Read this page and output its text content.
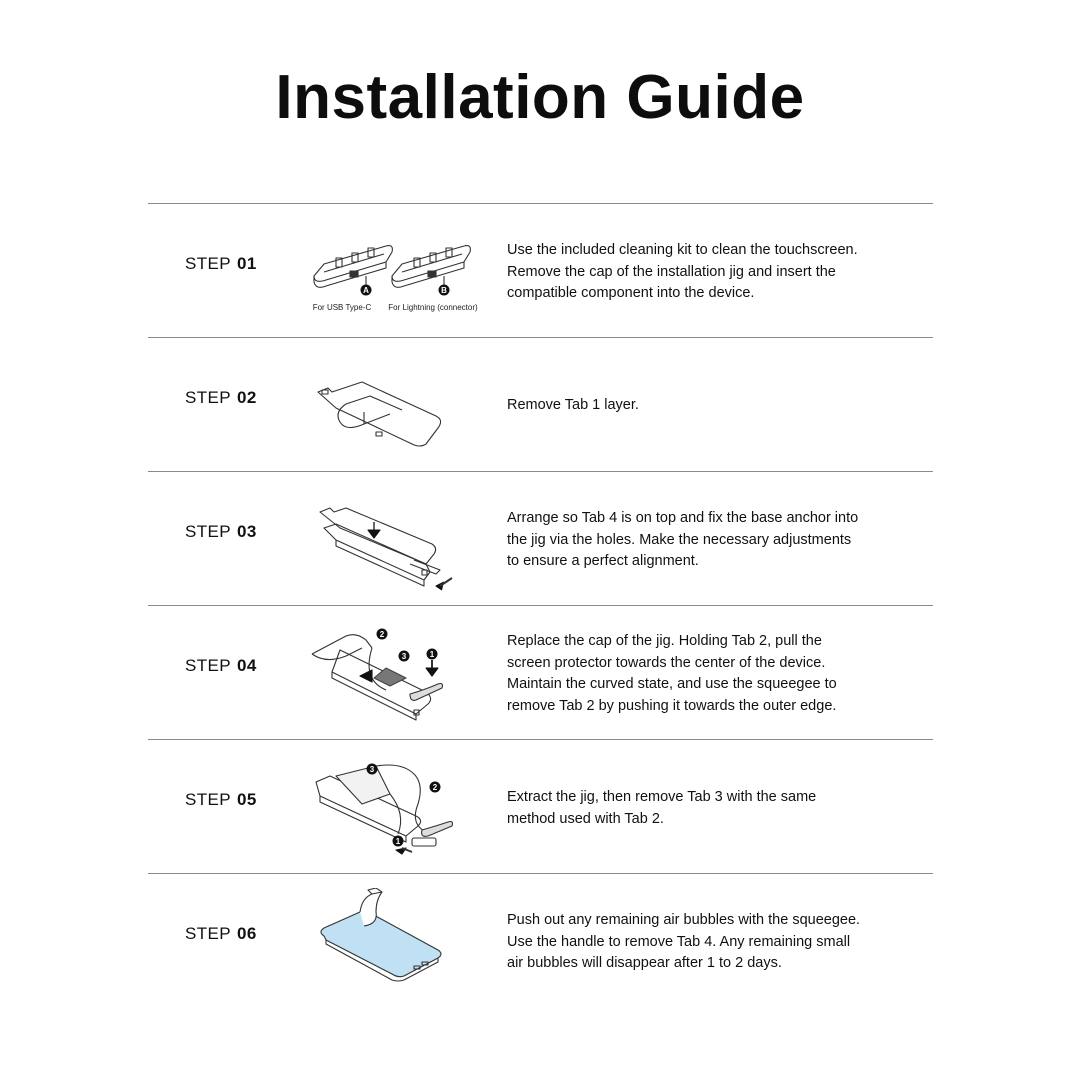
Installation Guide
STEP 01
A	B
For USB Type-C For Lightning (connector)

Use the included cleaning kit to clean the touchscreen.

Remove the cap of the installation jig and insert the

compatible component into the device.

STEP 02	Remove Tab 1 layer.

STEP 03

Arrange so Tab 4 is on top and fix the base anchor into

the jig via the holes. Make the necessary adjustments

to ensure a perfect alignment.

STEP 04
2
3	1

Replace the cap of the jig. Holding Tab 2, pull the

screen protector towards the center of the device.

Maintain the curved state, and use the squeegee to

remove Tab 2 by pushing it towards the outer edge.

STEP 05
3
2
1

Extract the jig, then remove Tab 3 with the same

method used with Tab 2.

STEP 06

Push out any remaining air bubbles with the squeegee.

Use the handle to remove Tab 4. Any remaining small

air bubbles will disappear after 1 to 2 days.
